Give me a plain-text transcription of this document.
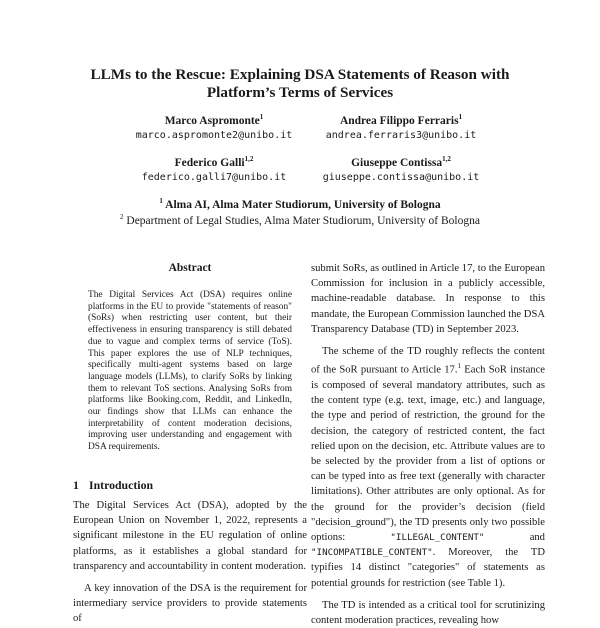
LLMs to the Rescue: Explaining DSA Statements of Reason with
Platform’s Terms of Services
Marco Aspromonte$^1$
marco.aspromonte2@unibo.it
Andrea Filippo Ferraris$^1$
andrea.ferraris3@unibo.it
Federico Galli$^{1,2}$
federico.galli7@unibo.it
Giuseppe Contissa$^{1,2}$
giuseppe.contissa@unibo.it
$^1$ Alma AI, Alma Mater Studiorum, University of Bologna
$^2$ Department of Legal Studies, Alma Mater Studiorum, University of Bologna
Abstract
The Digital Services Act (DSA) requires online platforms in the EU to provide "statements of reason" (SoRs) when restricting user content, but their effectiveness in ensuring transparency is still debated due to vague and complex terms of service (ToS). This paper explores the use of NLP techniques, specifically multi-agent systems based on large language models (LLMs), to clarify SoRs by linking them to relevant ToS sections. Analysing SoRs from platforms like Booking.com, Reddit, and LinkedIn, our findings show that LLMs can enhance the interpretability of content moderation decisions, improving user understanding and engagement with DSA requirements.
1 Introduction

The Digital Services Act (DSA), adopted by the European Union on November 1, 2022, represents a significant milestone in the EU regulation of online platforms, as it establishes a global standard for transparency and accountability in content moderation.

A key innovation of the DSA is the requirement for intermediary service providers to provide statements of

submit SoRs, as outlined in Article 17, to the European Commission for inclusion in a publicly accessible, machine-readable database. In response to this mandate, the European Commission launched the DSA Transparency Database (TD) in September 2023.

The scheme of the TD roughly reflects the content of the SoR pursuant to Article 17.$^1$ Each SoR instance is composed of several mandatory attributes, such as the content type (e.g. text, image, etc.) and language, the type and period of restriction, the ground for the decision, the category of restricted content, the fact relied upon on the decision, etc. Attribute values are to be selected by the provider from a list of options or can be typed into as free text (generally with character limitations). Other attributes are only optional. As for the ground for the provider’s decision (field "decision_ground"), the TD presents only two possible options: "ILLEGAL_CONTENT" and "INCOMPATIBLE_CONTENT". Moreover, the TD typifies 14 distinct "categories" of statements as potential grounds for restriction (see Table 1).

The TD is intended as a critical tool for scrutinizing content moderation practices, revealing how
